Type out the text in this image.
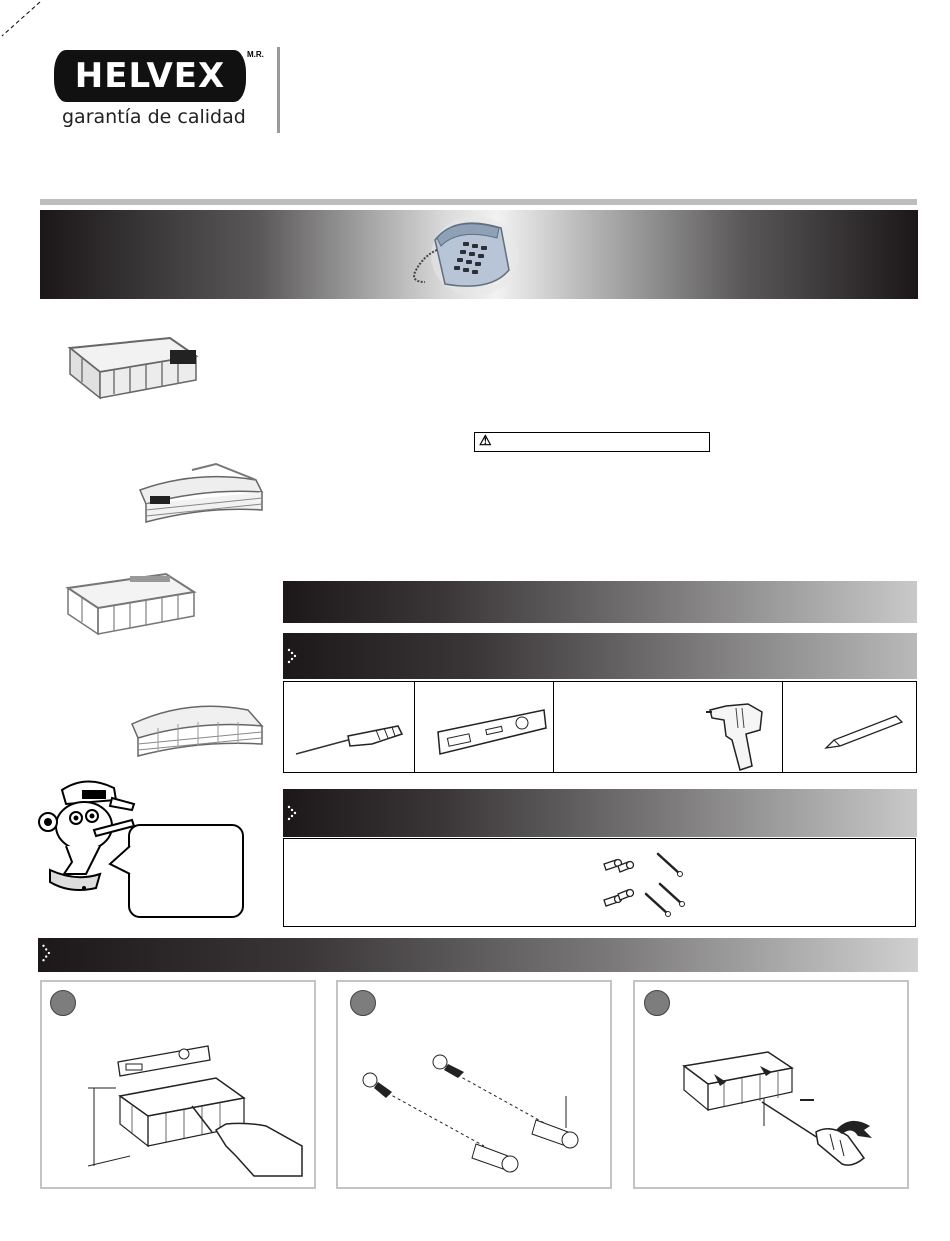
HELVEX
M.R.
garantía de calidad
⚠
